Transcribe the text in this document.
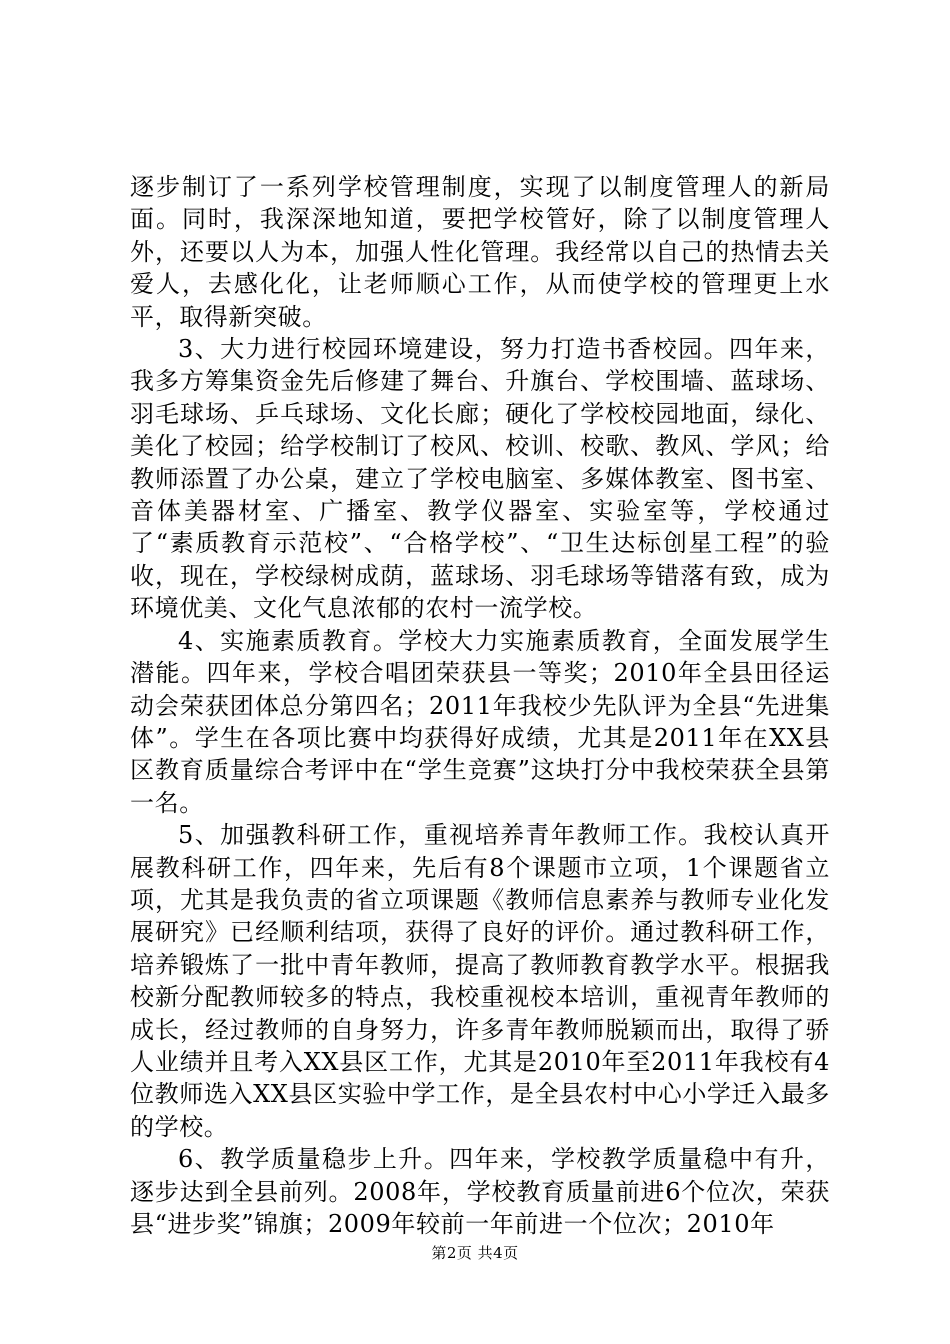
逐步制订了一系列学校管理制度，实现了以制度管理人的新局面。同时，我深深地知道，要把学校管好，除了以制度管理人外，还要以人为本，加强人性化管理。我经常以自己的热情去关爱人，去感化化，让老师顺心工作，从而使学校的管理更上水平，取得新突破。

3、大力进行校园环境建设，努力打造书香校园。四年来，我多方筹集资金先后修建了舞台、升旗台、学校围墙、蓝球场、羽毛球场、乒乓球场、文化长廊；硬化了学校校园地面，绿化、美化了校园；给学校制订了校风、校训、校歌、教风、学风；给教师添置了办公桌，建立了学校电脑室、多媒体教室、图书室、音体美器材室、广播室、教学仪器室、实验室等，学校通过了“素质教育示范校”、“合格学校”、“卫生达标创星工程”的验收，现在，学校绿树成荫，蓝球场、羽毛球场等错落有致，成为环境优美、文化气息浓郁的农村一流学校。

4、实施素质教育。学校大力实施素质教育，全面发展学生潜能。四年来，学校合唱团荣获县一等奖；2010年全县田径运动会荣获团体总分第四名；2011年我校少先队评为全县“先进集体”。学生在各项比赛中均获得好成绩，尤其是2011年在XX县区教育质量综合考评中在“学生竞赛”这块打分中我校荣获全县第一名。

5、加强教科研工作，重视培养青年教师工作。我校认真开展教科研工作，四年来，先后有8个课题市立项，1个课题省立项，尤其是我负责的省立项课题《教师信息素养与教师专业化发展研究》已经顺利结项，获得了良好的评价。通过教科研工作，培养锻炼了一批中青年教师，提高了教师教育教学水平。根据我校新分配教师较多的特点，我校重视校本培训，重视青年教师的成长，经过教师的自身努力，许多青年教师脱颖而出，取得了骄人业绩并且考入XX县区工作，尤其是2010年至2011年我校有4位教师选入XX县区实验中学工作，是全县农村中心小学迁入最多的学校。

6、教学质量稳步上升。四年来，学校教学质量稳中有升，逐步达到全县前列。2008年，学校教育质量前进6个位次，荣获县“进步奖”锦旗；2009年较前一年前进一个位次；2010年

第2页 共4页
